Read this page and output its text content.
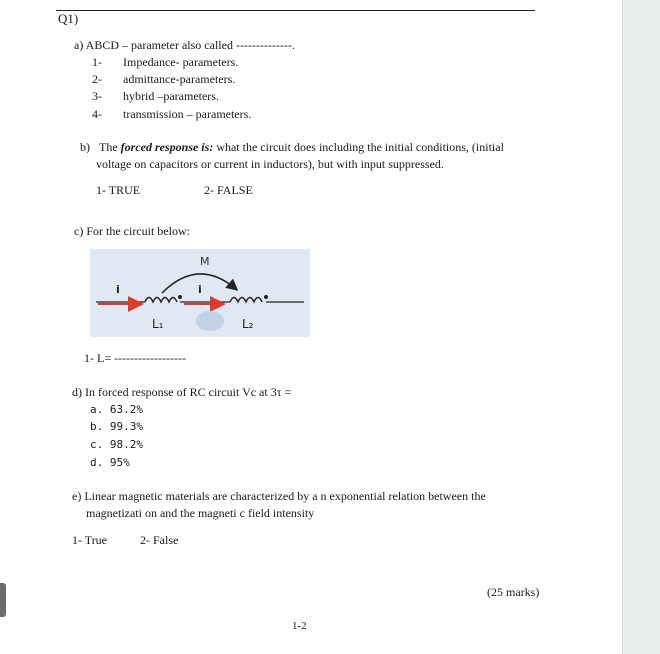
Q1)
a) ABCD – parameter also called --------------.
1- Impedance- parameters.
2- admittance-parameters.
3- hybrid –parameters.
4- transmission – parameters.
b) The forced response is: what the circuit does including the initial conditions, (initial
voltage on capacitors or current in inductors), but with input suppressed.
1- TRUE	2- FALSE
c) For the circuit below:
M
i	i
L₁	L₂
1- L= ------------------
d) In forced response of RC circuit Vc at 3τ =
a. 63.2%
b. 99.3%
c. 98.2%
d. 95%
e) Linear magnetic materials are characterized by a n exponential relation between the
magnetizati on and the magneti c field intensity
1- True	2- False
(25 marks)
1-2
